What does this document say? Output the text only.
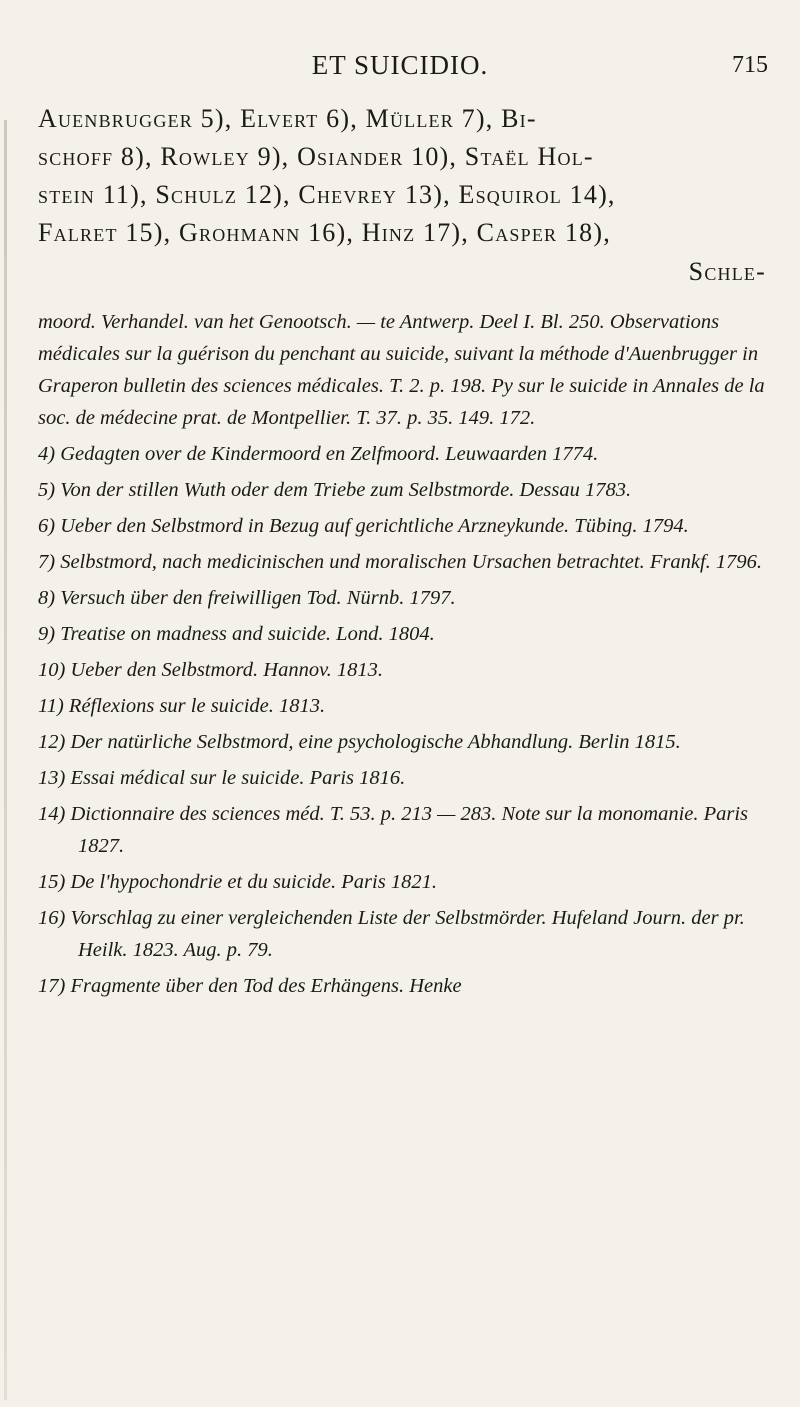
ET SUICIDIO.	715
Auenbrugger 5), Elvert 6), Müller 7), Bi-
schoff 8), Rowley 9), Osiander 10), Staël Hol-
stein 11), Schulz 12), Chevrey 13), Esquirol 14),
Falret 15), Grohmann 16), Hinz 17), Casper 18),
Schle-

moord. Verhandel. van het Genootsch. — te Antwerp. Deel I. Bl. 250. Observations médicales sur la guérison du penchant au suicide, suivant la méthode d'Auenbrugger in Graperon bulletin des sciences médicales. T. 2. p. 198. Py sur le suicide in Annales de la soc. de médecine prat. de Montpellier. T. 37. p. 35. 149. 172.

4) Gedagten over de Kindermoord en Zelfmoord. Leuwaarden 1774.

5) Von der stillen Wuth oder dem Triebe zum Selbstmorde. Dessau 1783.

6) Ueber den Selbstmord in Bezug auf gerichtliche Arzneykunde. Tübing. 1794.

7) Selbstmord, nach medicinischen und moralischen Ursachen betrachtet. Frankf. 1796.

8) Versuch über den freiwilligen Tod. Nürnb. 1797.

9) Treatise on madness and suicide. Lond. 1804.

10) Ueber den Selbstmord. Hannov. 1813.

11) Réflexions sur le suicide. 1813.

12) Der natürliche Selbstmord, eine psychologische Abhandlung. Berlin 1815.

13) Essai médical sur le suicide. Paris 1816.

14) Dictionnaire des sciences méd. T. 53. p. 213 — 283. Note sur la monomanie. Paris 1827.

15) De l'hypochondrie et du suicide. Paris 1821.

16) Vorschlag zu einer vergleichenden Liste der Selbstmörder. Hufeland Journ. der pr. Heilk. 1823. Aug. p. 79.

17) Fragmente über den Tod des Erhängens. Henke
